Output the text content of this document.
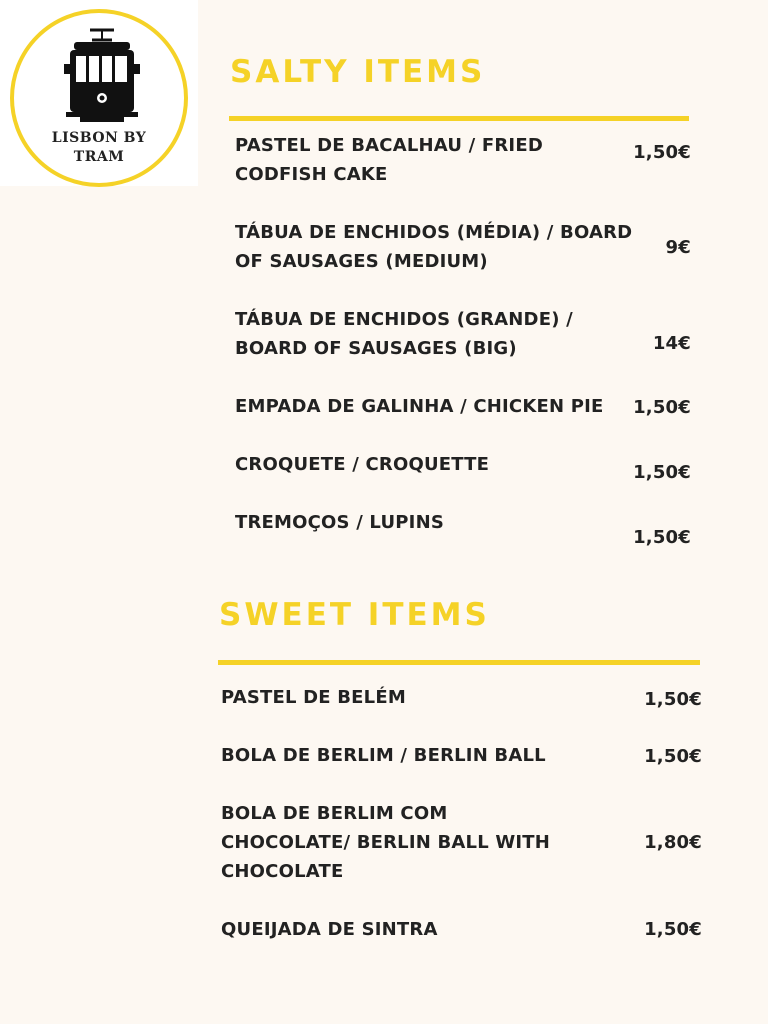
LISBON BY
TRAM
SALTY ITEMS
PASTEL DE BACALHAU / FRIED
CODFISH CAKE
1,50€
TÁBUA DE ENCHIDOS (MÉDIA) / BOARD
OF SAUSAGES (MEDIUM)
9€
TÁBUA DE ENCHIDOS (GRANDE) /
BOARD OF SAUSAGES (BIG)	14€
EMPADA DE GALINHA / CHICKEN PIE	1,50€
CROQUETE / CROQUETTE	1,50€
TREMOÇOS / LUPINS
1,50€
SWEET ITEMS
PASTEL DE BELÉM	1,50€
BOLA DE BERLIM / BERLIN BALL	1,50€
BOLA DE BERLIM COM
CHOCOLATE/ BERLIN BALL WITH
CHOCOLATE
1,80€
QUEIJADA DE SINTRA	1,50€
